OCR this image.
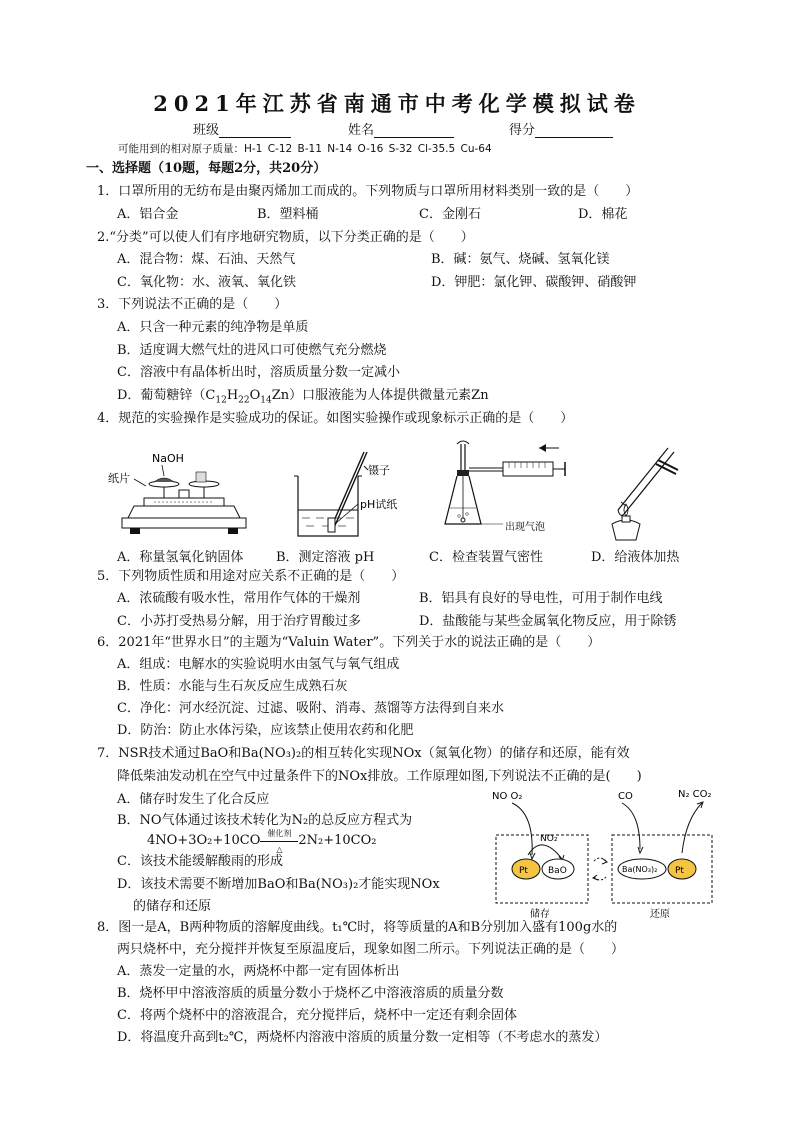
2021年江苏省南通市中考化学模拟试卷
班级	姓名	得分
可能用到的相对原子质量：H-1 C-12 B-11 N-14 O-16 S-32 Cl-35.5 Cu-64
一、选择题（10题，每题2分，共20分）
1．口罩所用的无纺布是由聚丙烯加工而成的。下列物质与口罩所用材料类别一致的是（　　）
A．铝合金	B．塑料桶	C．金刚石	D．棉花
2.“分类”可以使人们有序地研究物质，以下分类正确的是（　　）
A．混合物：煤、石油、天然气	B．碱：氨气、烧碱、氢氧化镁
C．氧化物：水、液氧、氧化铁	D．钾肥：氯化钾、碳酸钾、硝酸钾
3．下列说法不正确的是（　　）
A．只含一种元素的纯净物是单质
B．适度调大燃气灶的进风口可使燃气充分燃烧
C．溶液中有晶体析出时，溶质质量分数一定减小
D．葡萄糖锌$(C_{12}H_{22}O_{14}Zn)$口服液能为人体提供微量元素Zn
4．规范的实验操作是实验成功的保证。如图实验操作或现象标示正确的是（　　）
NaOH
纸片
A．称量氢氧化钠固体
镊子
pH试纸
B．测定溶液 pH
出现气泡
C．检查装置气密性	D．给液体加热
5．下列物质性质和用途对应关系不正确的是（　　）
A．浓硫酸有吸水性，常用作气体的干燥剂	B．铝具有良好的导电性，可用于制作电线
C．小苏打受热易分解，用于治疗胃酸过多	D．盐酸能与某些金属氧化物反应，用于除锈
6．2021年“世界水日”的主题为“Valuin Water”。下列关于水的说法正确的是（　　）
A．组成：电解水的实验说明水由氢气与氧气组成
B．性质：水能与生石灰反应生成熟石灰
C．净化：河水经沉淀、过滤、吸附、消毒、蒸馏等方法得到自来水
D．防治：防止水体污染，应该禁止使用农药和化肥
7．NSR技术通过BaO和Ba(NO₃)₂的相互转化实现NOx（氮氧化物）的储存和还原，能有效
降低柴油发动机在空气中过量条件下的NOx排放。工作原理如图,下列说法不正确的是(　　)
A．储存时发生了化合反应
B．NO气体通过该技术转化为N₂的总反应方程式为
4NO+3O₂+10CO 催化剂
△
2N₂+10CO₂
C．该技术能缓解酸雨的形成
D．该技术需要不断增加BaO和Ba(NO₃)₂才能实现NOx
的储存和还原
NO O₂	CO	N₂ CO₂
NO₂
Pt BaO	Ba(NO₃)₂ Pt
储存	还原
8．图一是A，B两种物质的溶解度曲线。t₁℃时，将等质量的A和B分别加入盛有100g水的
两只烧杯中，充分搅拌并恢复至原温度后，现象如图二所示。下列说法正确的是（　　）
A．蒸发一定量的水，两烧杯中都一定有固体析出
B．烧杯甲中溶液溶质的质量分数小于烧杯乙中溶液溶质的质量分数
C．将两个烧杯中的溶液混合，充分搅拌后，烧杯中一定还有剩余固体
D．将温度升高到t₂℃，两烧杯内溶液中溶质的质量分数一定相等（不考虑水的蒸发）
